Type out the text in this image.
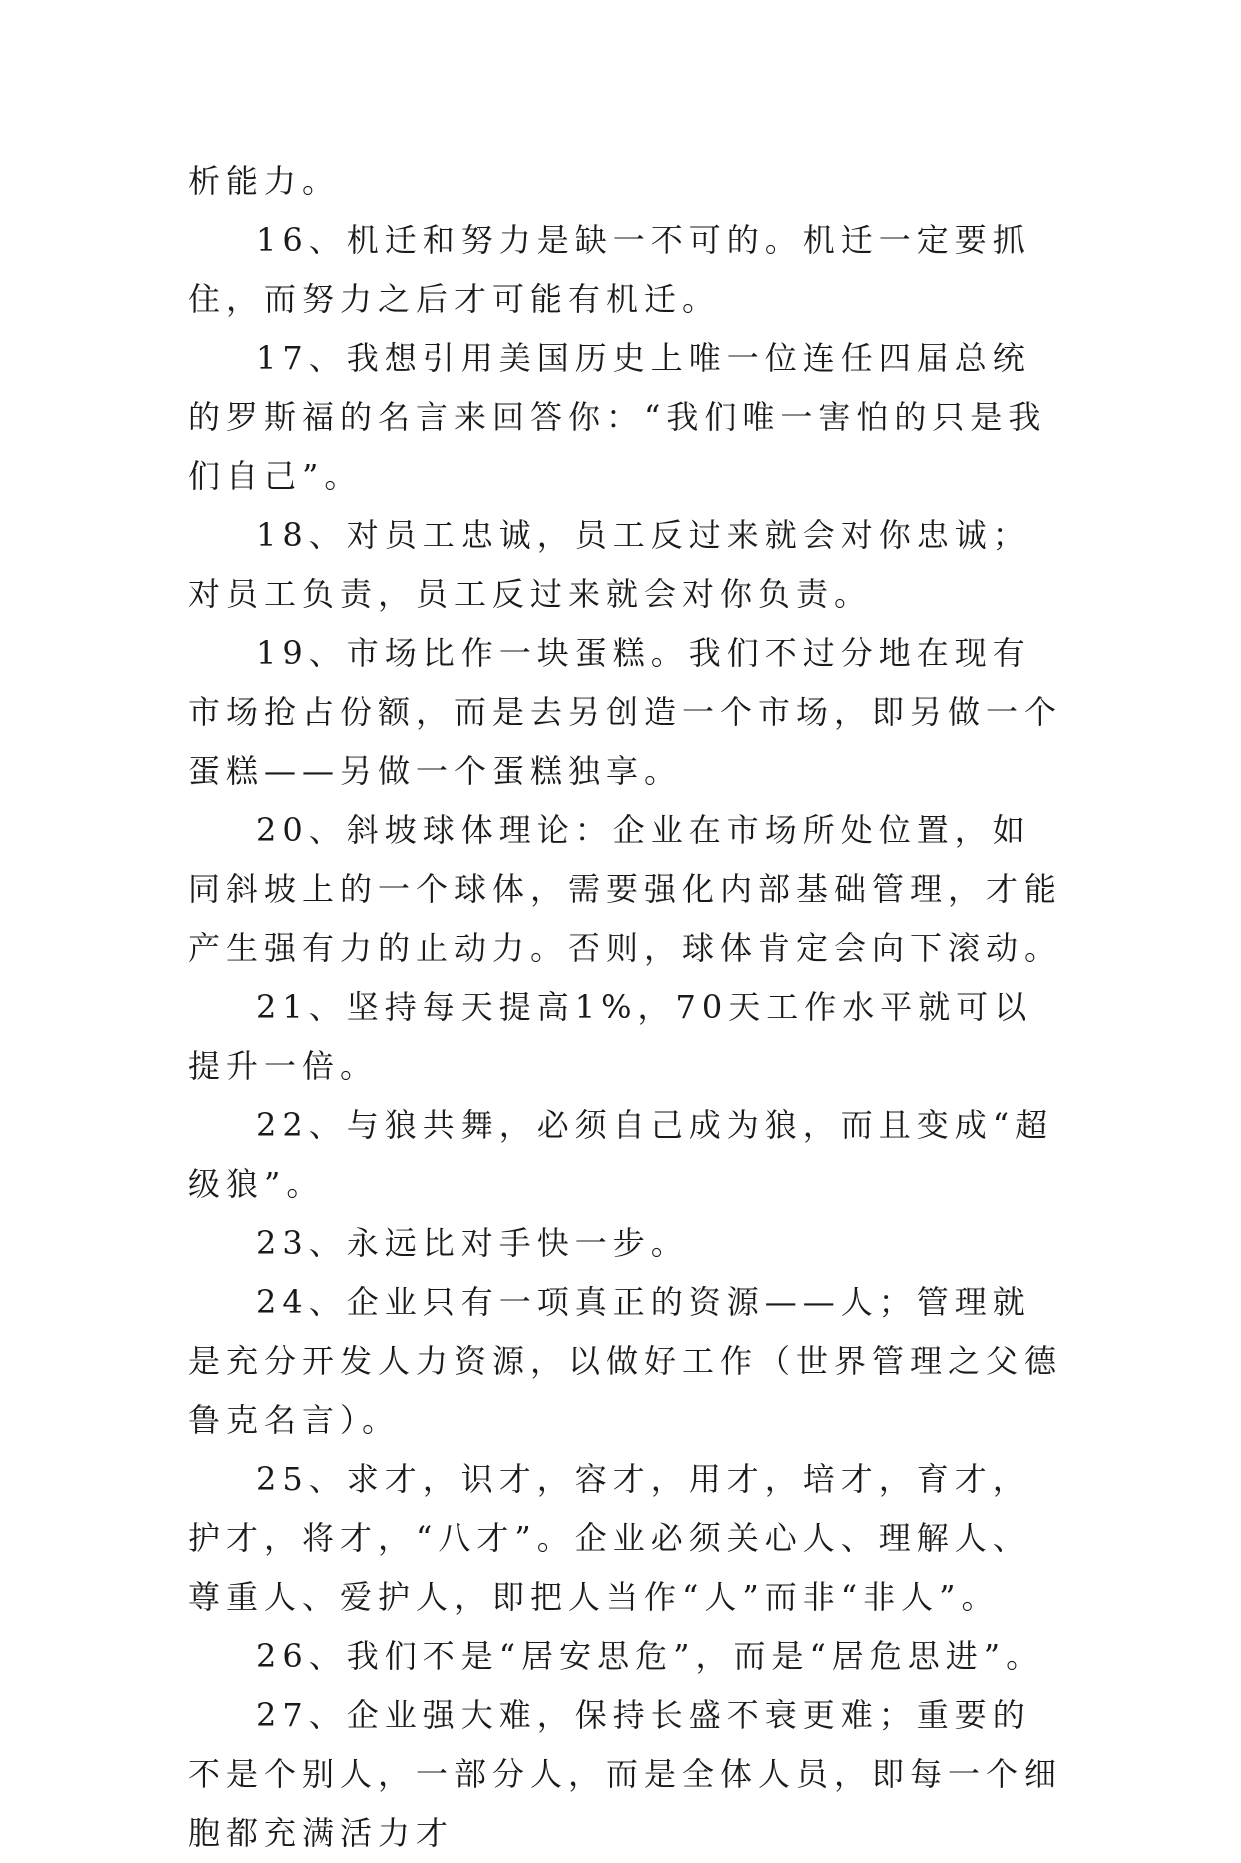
析能力。

16、机迁和努力是缺一不可的。机迁一定要抓住，而努力之后才可能有机迁。

17、我想引用美国历史上唯一位连任四届总统的罗斯福的名言来回答你：“我们唯一害怕的只是我们自己”。

18、对员工忠诚，员工反过来就会对你忠诚；对员工负责，员工反过来就会对你负责。

19、市场比作一块蛋糕。我们不过分地在现有市场抢占份额，而是去另创造一个市场，即另做一个蛋糕——另做一个蛋糕独享。

20、斜坡球体理论：企业在市场所处位置，如同斜坡上的一个球体，需要强化内部基础管理，才能产生强有力的止动力。否则，球体肯定会向下滚动。

21、坚持每天提高1%，70天工作水平就可以提升一倍。

22、与狼共舞，必须自己成为狼，而且变成“超级狼”。

23、永远比对手快一步。

24、企业只有一项真正的资源——人；管理就是充分开发人力资源，以做好工作（世界管理之父德鲁克名言）。

25、求才，识才，容才，用才，培才，育才，护才，将才，“八才”。企业必须关心人、理解人、尊重人、爱护人，即把人当作“人”而非“非人”。

26、我们不是“居安思危”，而是“居危思进”。

27、企业强大难，保持长盛不衰更难；重要的不是个别人，一部分人，而是全体人员，即每一个细胞都充满活力才
